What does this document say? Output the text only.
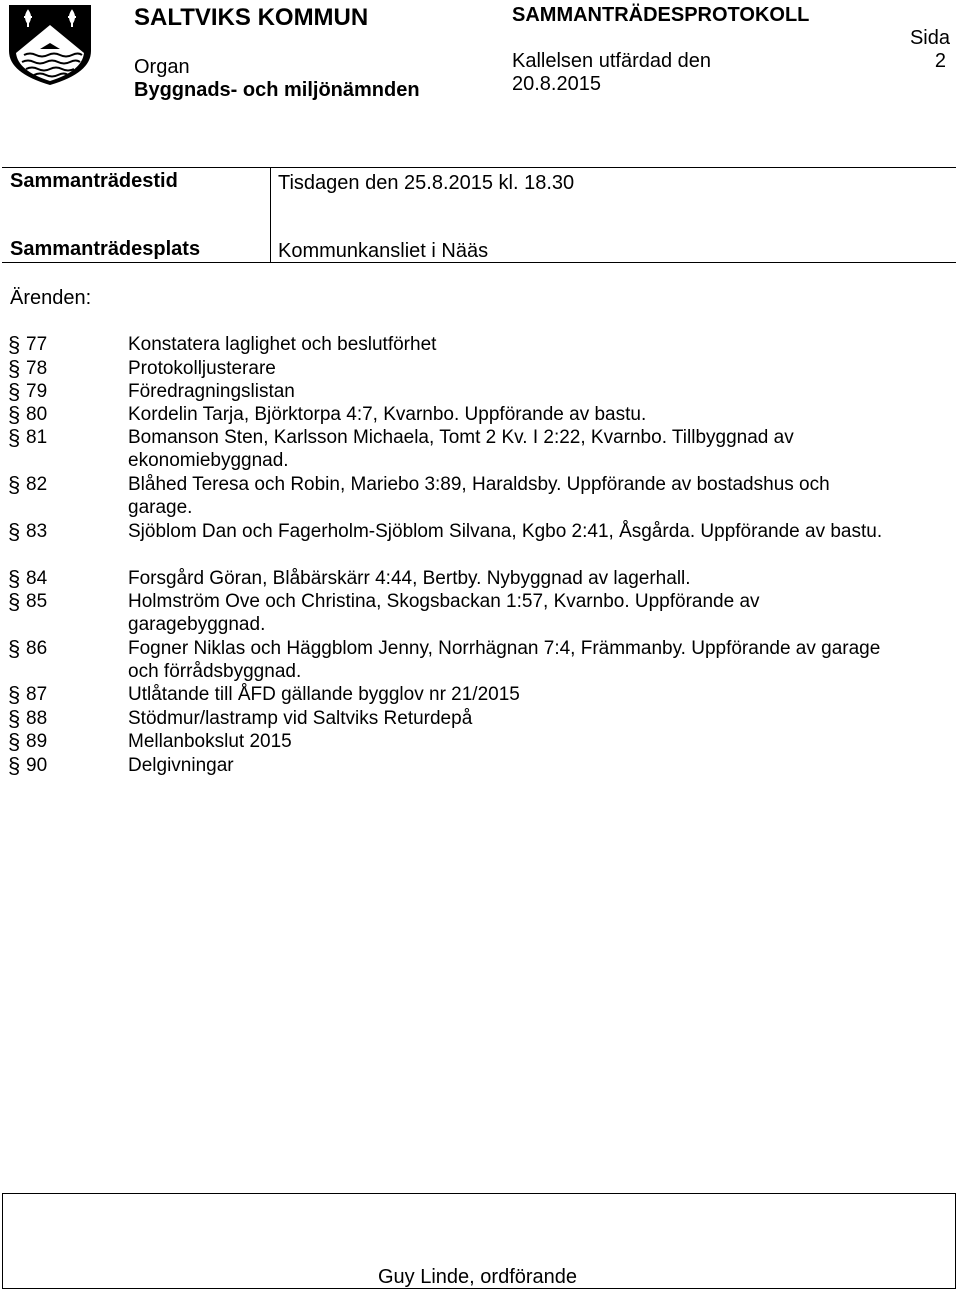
SALTVIKS KOMMUN
Organ
Byggnads- och miljönämnden
SAMMANTRÄDESPROTOKOLL
Kallelsen utfärdad den
20.8.2015
Sida
2
Sammanträdestid	Tisdagen den 25.8.2015 kl. 18.30
Sammanträdesplats	Kommunkansliet i Nääs
Ärenden:
§ 77	Konstatera laglighet och beslutförhet
§ 78	Protokolljusterare
§ 79	Föredragningslistan
§ 80	Kordelin Tarja, Björktorpa 4:7, Kvarnbo. Uppförande av bastu.
§ 81	Bomanson Sten, Karlsson Michaela, Tomt 2 Kv. I 2:22, Kvarnbo. Tillbyggnad av ekonomiebyggnad.
§ 82	Blåhed Teresa och Robin, Mariebo 3:89, Haraldsby. Uppförande av bostadshus och garage.
§ 83	Sjöblom Dan och Fagerholm-Sjöblom Silvana, Kgbo 2:41, Åsgårda. Uppförande av bastu.
§ 84	Forsgård Göran, Blåbärskärr 4:44, Bertby. Nybyggnad av lagerhall.
§ 85	Holmström Ove och Christina, Skogsbackan 1:57, Kvarnbo. Uppförande av garagebyggnad.
§ 86	Fogner Niklas och Häggblom Jenny, Norrhägnan 7:4, Främmanby. Uppförande av garage och förrådsbyggnad.
§ 87	Utlåtande till ÅFD gällande bygglov nr 21/2015
§ 88	Stödmur/lastramp vid Saltviks Returdepå
§ 89	Mellanbokslut 2015
§ 90	Delgivningar
Guy Linde, ordförande
